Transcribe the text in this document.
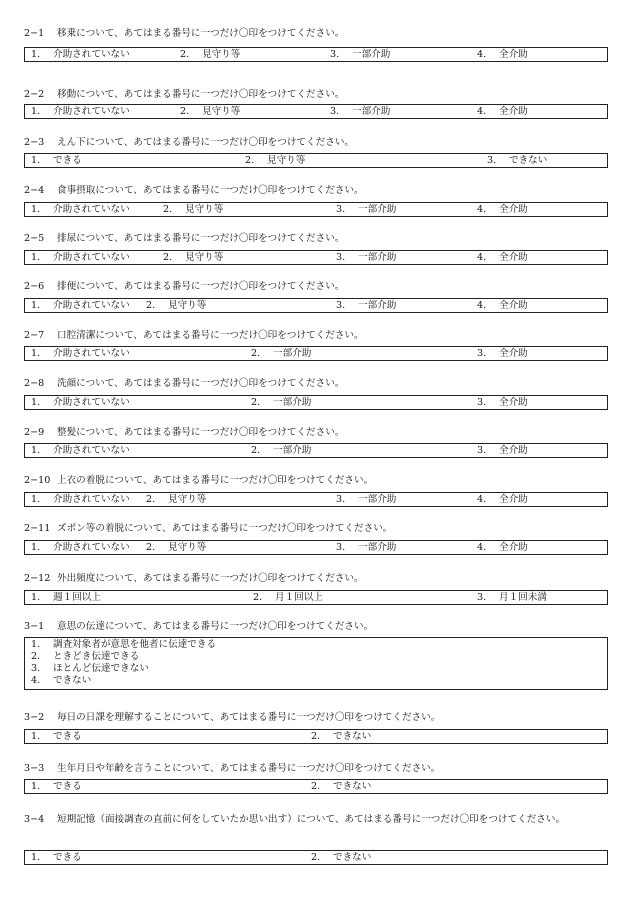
2−1 移乗について、あてはまる番号に一つだけ〇印をつけてください。
1. 介助されていない	2. 見守り等	3. 一部介助	4. 全介助
2−2 移動について、あてはまる番号に一つだけ〇印をつけてください。
1. 介助されていない	2. 見守り等	3. 一部介助	4. 全介助
2−3 えん下について、あてはまる番号に一つだけ〇印をつけてください。
1. できる	2. 見守り等	3. できない
2−4 食事摂取について、あてはまる番号に一つだけ〇印をつけてください。
1. 介助されていない	2. 見守り等	3. 一部介助	4. 全介助
2−5 排尿について、あてはまる番号に一つだけ〇印をつけてください。
1. 介助されていない	2. 見守り等	3. 一部介助	4. 全介助
2−6 排便について、あてはまる番号に一つだけ〇印をつけてください。
1. 介助されていない 2. 見守り等	3. 一部介助	4. 全介助
2−7 口腔清潔について、あてはまる番号に一つだけ〇印をつけてください。
1. 介助されていない	2. 一部介助	3. 全介助
2−8 洗顔について、あてはまる番号に一つだけ〇印をつけてください。
1. 介助されていない	2. 一部介助	3. 全介助
2−9 整髪について、あてはまる番号に一つだけ〇印をつけてください。
1. 介助されていない	2. 一部介助	3. 全介助
2−10 上衣の着脱について、あてはまる番号に一つだけ〇印をつけてください。
1. 介助されていない 2. 見守り等	3. 一部介助	4. 全介助
2−11 ズボン等の着脱について、あてはまる番号に一つだけ〇印をつけてください。
1. 介助されていない 2. 見守り等	3. 一部介助	4. 全介助
2−12 外出頻度について、あてはまる番号に一つだけ〇印をつけてください。
1. 週１回以上	2. 月１回以上	3. 月１回未満
3−1 意思の伝達について、あてはまる番号に一つだけ〇印をつけてください。
1. 調査対象者が意思を他者に伝達できる
2. ときどき伝達できる
3. ほとんど伝達できない
4. できない
3−2 毎日の日課を理解することについて、あてはまる番号に一つだけ〇印をつけてください。
1. できる	2. できない
3−3 生年月日や年齢を言うことについて、あてはまる番号に一つだけ〇印をつけてください。
1. できる	2. できない
3−4 短期記憶（面接調査の直前に何をしていたか思い出す）について、あてはまる番号に一つだけ〇印をつけてください。
1. できる	2. できない
